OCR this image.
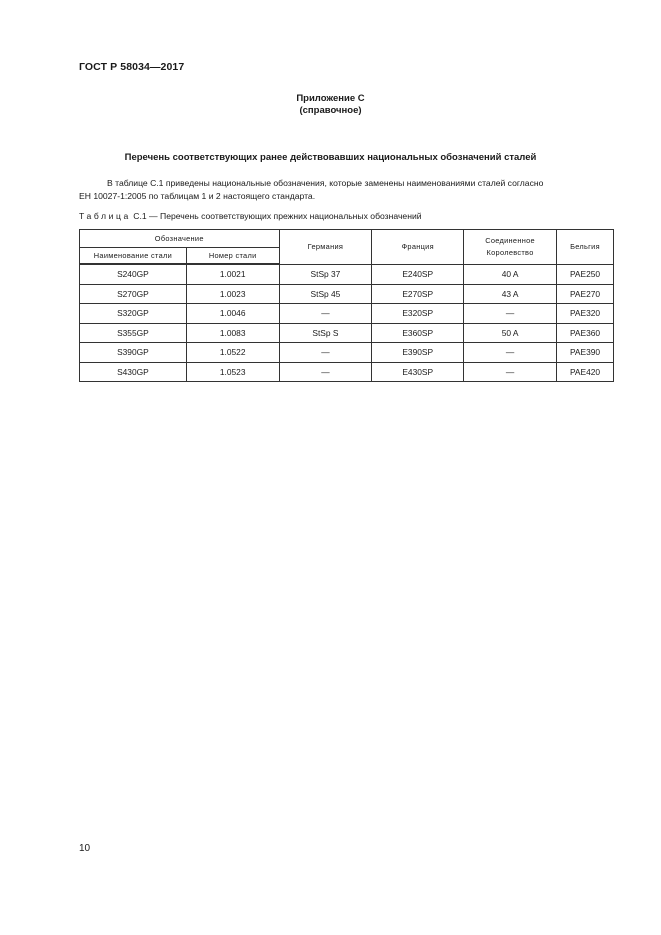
ГОСТ Р 58034—2017
Приложение С
(справочное)
Перечень соответствующих ранее действовавших национальных обозначений сталей
В таблице С.1 приведены национальные обозначения, которые заменены наименованиями сталей согласно
ЕН 10027-1:2005 по таблицам 1 и 2 настоящего стандарта.
Таблица С.1 — Перечень соответствующих прежних национальных обозначений
Обозначение		Германия	Франция	Соединенное Королевство	Бельгия
Наименование стали	Номер стали				
S240GP	1.0021	StSp 37	E240SP	40 A	PAE250
S270GP	1.0023	StSp 45	E270SP	43 A	PAE270
S320GP	1.0046	—	E320SP	—	PAE320
S355GP	1.0083	StSp S	E360SP	50 A	PAE360
S390GP	1.0522	—	E390SP	—	PAE390
S430GP	1.0523	—	E430SP	—	PAE420
10
